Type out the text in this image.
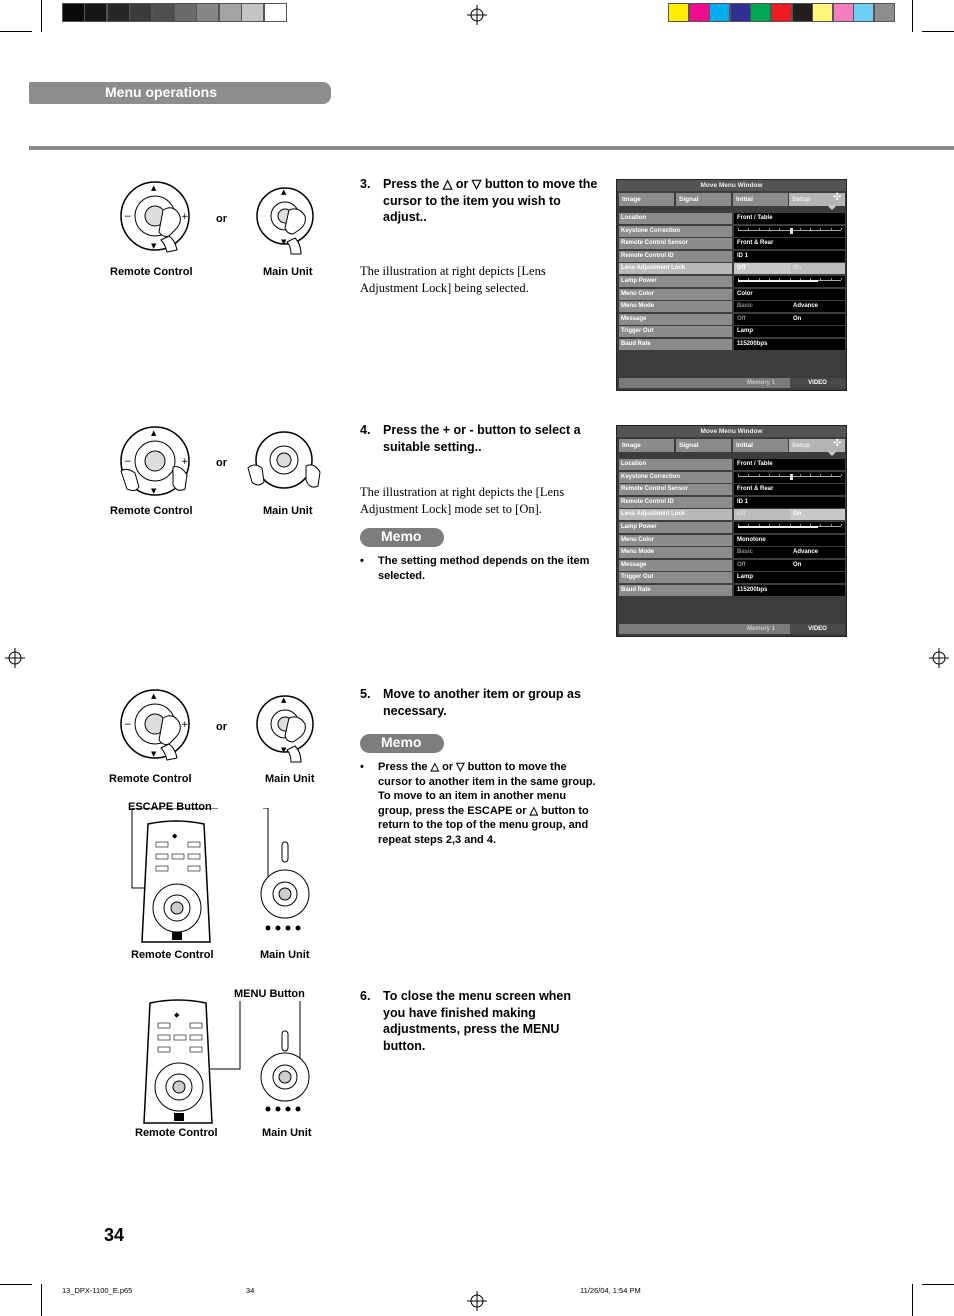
Menu operations
▲
▼
−	+ or
▲
▼
Remote Control	Main Unit
3. Press the △ or ▽ button to move the cursor to the item you wish to adjust..
The illustration at right depicts [Lens Adjustment Lock] being selected.
Move Menu Window
Image	Signal	Initial	Setup	✣
Location	Front / Table
Keystone Correction
Remote Control Sensor	Front & Rear
Remote Control ID	ID 1
Lens Adjustment Lock	Off	On
Lamp Power
Menu Color	Color
Menu Mode	Basic	Advance
Message	Off	On
Trigger Out	Lamp
Baud Rate	115200bps
Memory 1	VIDEO
▲
▼
−	+ or
Remote Control	Main Unit
4. Press the + or - button to select a suitable setting..
The illustration at right depicts the [Lens Adjustment Lock] mode set to [On].
Memo
• The setting method depends on the item selected.
Move Menu Window
Image	Signal	Initial	Setup	✣
Location	Front / Table
Keystone Correction
Remote Control Sensor	Front & Rear
Remote Control ID	ID 1
Lens Adjustment Lock	Off	On
Lamp Power
Menu Color	Monotone
Menu Mode	Basic	Advance
Message	Off	On
Trigger Out	Lamp
Baud Rate	115200bps
Memory 1	VIDEO
▲
▼
−	+ or
▲
▼
Remote Control	Main Unit
ESCAPE Button
◆
Remote Control	Main Unit
5. Move to another item or group as necessary.
Memo
• Press the △ or ▽ button to move the cursor to another item in the same group. To move to an item in another menu group, press the ESCAPE or △ button to return to the top of the menu group, and repeat steps 2,3 and 4.
MENU Button
◆
Remote Control	Main Unit
6. To close the menu screen when you have finished making adjustments, press the MENU button.
34
13_DPX-1100_E.p65	34	11/26/04, 1:54 PM
